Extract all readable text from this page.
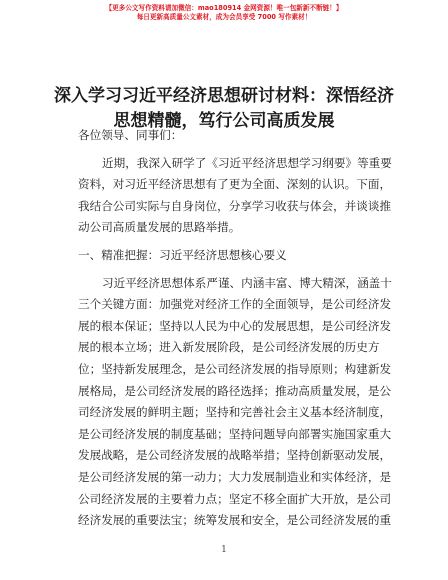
【更多公文写作资料请加微信：mao180914 金网资源！唯一包新新不断链！】
每日更新高质量公文素材，成为会员享受 7000 写作素材！
深入学习习近平经济思想研讨材料：深悟经济
思想精髓，笃行公司高质发展
各位领导、同事们：
近期，我深入研学了《习近平经济思想学习纲要》等重要
资料，对习近平经济思想有了更为全面、深刻的认识。下面，
我结合公司实际与自身岗位，分享学习收获与体会，并谈谈推
动公司高质量发展的思路举措。
一、精准把握：习近平经济思想核心要义
习近平经济思想体系严谨、内涵丰富、博大精深，涵盖十
三个关键方面：加强党对经济工作的全面领导，是公司经济发
展的根本保证；坚持以人民为中心的发展思想，是公司经济发
展的根本立场；进入新发展阶段，是公司经济发展的历史方
位；坚持新发展理念，是公司经济发展的指导原则；构建新发
展格局，是公司经济发展的路径选择；推动高质量发展，是公
司经济发展的鲜明主题；坚持和完善社会主义基本经济制度，
是公司经济发展的制度基础；坚持问题导向部署实施国家重大
发展战略，是公司经济发展的战略举措；坚持创新驱动发展，
是公司经济发展的第一动力；大力发展制造业和实体经济，是
公司经济发展的主要着力点；坚定不移全面扩大开放，是公司
经济发展的重要法宝；统筹发展和安全，是公司经济发展的重
1
